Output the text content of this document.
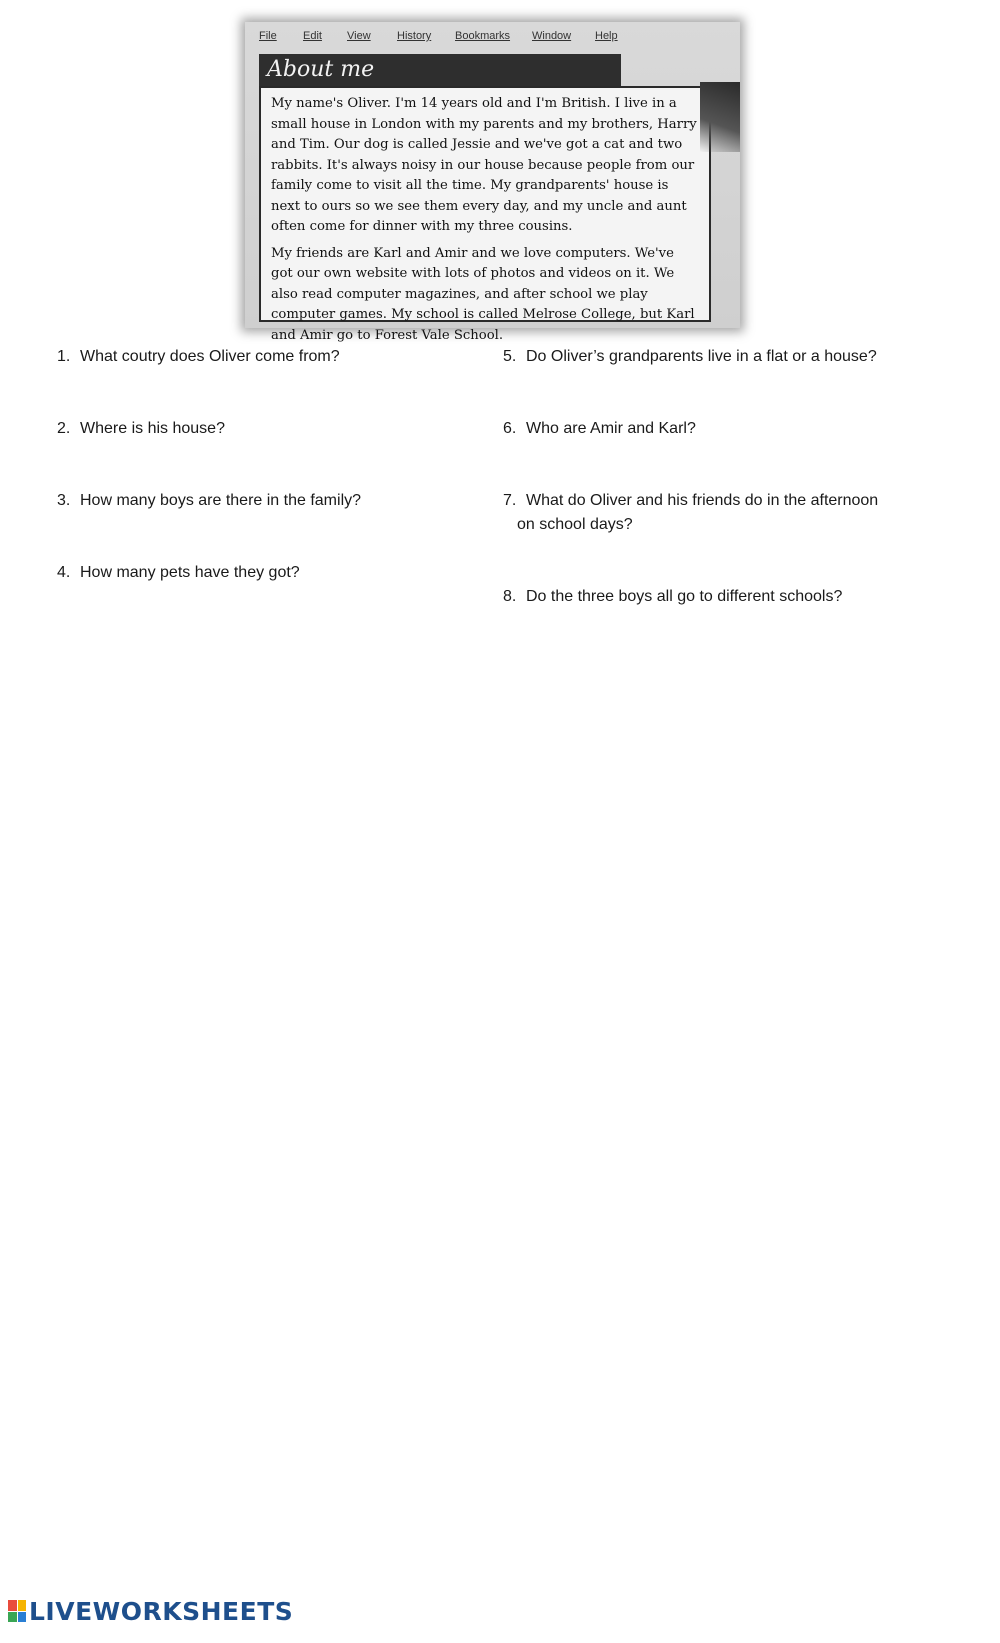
File Edit View History Bookmarks Window Help
About me

My name's Oliver. I'm 14 years old and I'm British. I live in a small house in London with my parents and my brothers, Harry and Tim. Our dog is called Jessie and we've got a cat and two rabbits. It's always noisy in our house because people from our family come to visit all the time. My grandparents' house is next to ours so we see them every day, and my uncle and aunt often come for dinner with my three cousins.

My friends are Karl and Amir and we love computers. We've got our own website with lots of photos and videos on it. We also read computer magazines, and after school we play computer games. My school is called Melrose College, but Karl and Amir go to Forest Vale School.

1. What coutry does Oliver come from?
2. Where is his house?
3. How many boys are there in the family?
4. How many pets have they got?
5. Do Oliver’s grandparents live in a flat or a house?
6. Who are Amir and Karl?
7. What do Oliver and his friends do in the afternoon
on school days?
8. Do the three boys all go to different schools?
LIVEWORKSHEETS
